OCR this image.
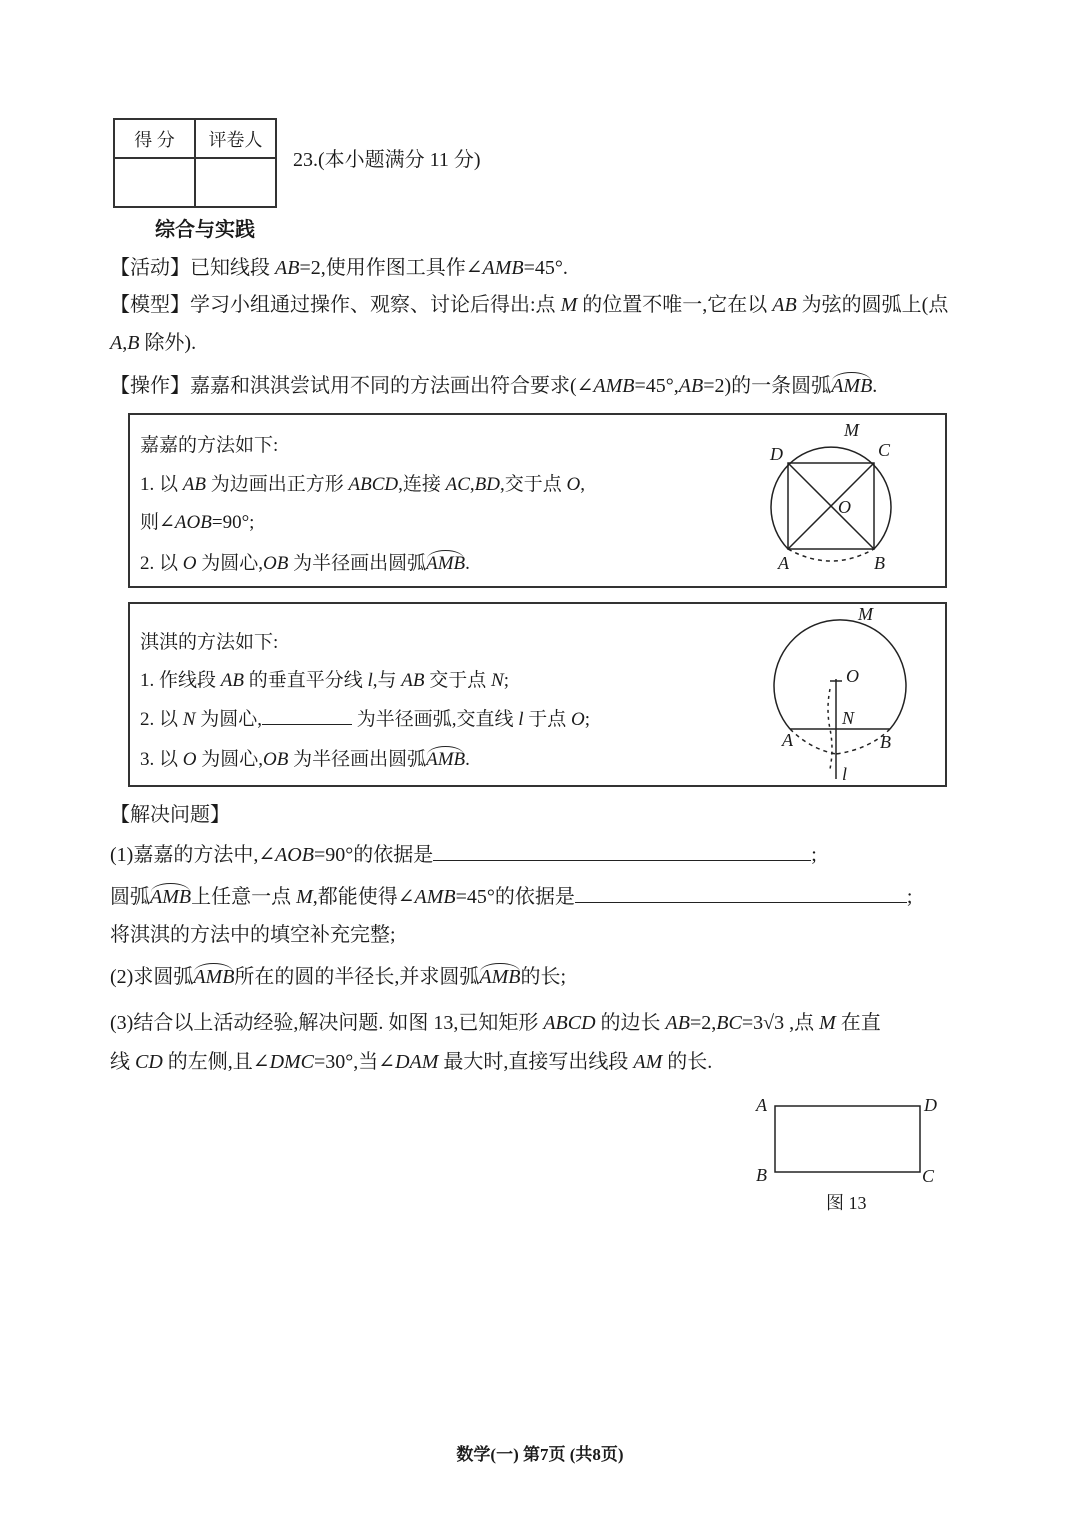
得 分	评卷人

23.(本小题满分 11 分)
综合与实践
【活动】已知线段 AB=2,使用作图工具作∠AMB=45°.
【模型】学习小组通过操作、观察、讨论后得出:点 M 的位置不唯一,它在以 AB 为弦的圆弧上(点
A,B 除外).
【操作】嘉嘉和淇淇尝试用不同的方法画出符合要求(∠AMB=45°,AB=2)的一条圆弧AMB.
嘉嘉的方法如下:
1. 以 AB 为边画出正方形 ABCD,连接 AC,BD,交于点 O,
则∠AOB=90°;
2. 以 O 为圆心,OB 为半径画出圆弧AMB.
M
D	C
O
A	B
淇淇的方法如下:
1. 作线段 AB 的垂直平分线 l,与 AB 交于点 N;
2. 以 N 为圆心,	为半径画弧,交直线 l 于点 O;
3. 以 O 为圆心,OB 为半径画出圆弧AMB.
M
O
N
A	B
l
【解决问题】
(1)嘉嘉的方法中,∠AOB=90°的依据是	;
圆弧AMB上任意一点 M,都能使得∠AMB=45°的依据是	;
将淇淇的方法中的填空补充完整;
(2)求圆弧AMB所在的圆的半径长,并求圆弧AMB的长;
(3)结合以上活动经验,解决问题. 如图 13,已知矩形 ABCD 的边长 AB=2,BC=3√3 ,点 M 在直
线 CD 的左侧,且∠DMC=30°,当∠DAM 最大时,直接写出线段 AM 的长.
A	D
B	C
图 13
数学(一) 第7页 (共8页)
